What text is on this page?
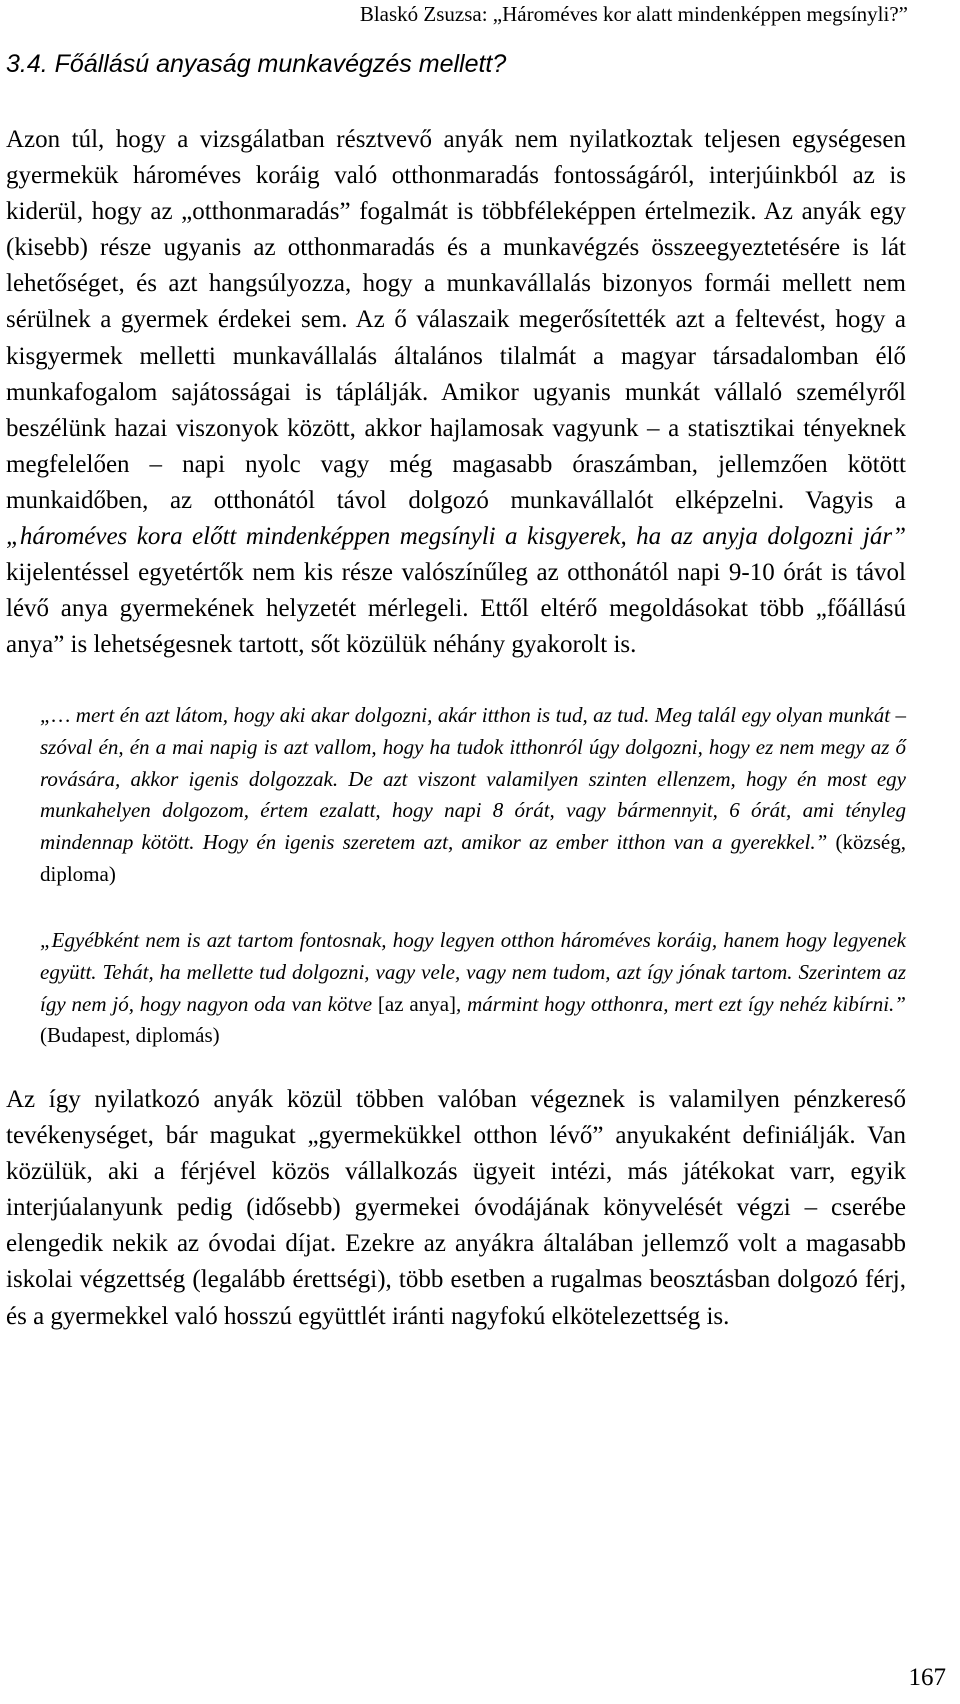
Blaskó Zsuzsa: „Hároméves kor alatt mindenképpen megsínyli?”
3.4. Főállású anyaság munkavégzés mellett?

Azon túl, hogy a vizsgálatban résztvevő anyák nem nyilatkoztak teljesen egységesen gyermekük hároméves koráig való otthonmaradás fontosságáról, interjúinkból az is kiderül, hogy az „otthonmaradás” fogalmát is többféleképpen értelmezik. Az anyák egy (kisebb) része ugyanis az otthonmaradás és a munkavégzés összeegyeztetésére is lát lehetőséget, és azt hangsúlyozza, hogy a munkavállalás bizonyos formái mellett nem sérülnek a gyermek érdekei sem. Az ő válaszaik megerősítették azt a feltevést, hogy a kisgyermek melletti munkavállalás általános tilalmát a magyar társadalomban élő munkafogalom sajátosságai is táplálják. Amikor ugyanis munkát vállaló személyről beszélünk hazai viszonyok között, akkor hajlamosak vagyunk – a statisztikai tényeknek megfelelően – napi nyolc vagy még magasabb óraszámban, jellemzően kötött munkaidőben, az otthonától távol dolgozó munkavállalót elképzelni. Vagyis a „hároméves kora előtt mindenképpen megsínyli a kisgyerek, ha az anyja dolgozni jár” kijelentéssel egyetértők nem kis része valószínűleg az otthonától napi 9-10 órát is távol lévő anya gyermekének helyzetét mérlegeli. Ettől eltérő megoldásokat több „főállású anya” is lehetségesnek tartott, sőt közülük néhány gyakorolt is.

„… mert én azt látom, hogy aki akar dolgozni, akár itthon is tud, az tud. Meg talál egy olyan munkát – szóval én, én a mai napig is azt vallom, hogy ha tudok itthonról úgy dolgozni, hogy ez nem megy az ő rovására, akkor igenis dolgozzak. De azt viszont valamilyen szinten ellenzem, hogy én most egy munkahelyen dolgozom, értem ezalatt, hogy napi 8 órát, vagy bármennyit, 6 órát, ami tényleg mindennap kötött. Hogy én igenis szeretem azt, amikor az ember itthon van a gyerekkel.” (község, diploma)

„Egyébként nem is azt tartom fontosnak, hogy legyen otthon hároméves koráig, hanem hogy legyenek együtt. Tehát, ha mellette tud dolgozni, vagy vele, vagy nem tudom, azt így jónak tartom. Szerintem az így nem jó, hogy nagyon oda van kötve [az anya], mármint hogy otthonra, mert ezt így nehéz kibírni.” (Budapest, diplomás)

Az így nyilatkozó anyák közül többen valóban végeznek is valamilyen pénzkereső tevékenységet, bár magukat „gyermekükkel otthon lévő” anyukaként definiálják. Van közülük, aki a férjével közös vállalkozás ügyeit intézi, más játékokat varr, egyik interjúalanyunk pedig (idősebb) gyermekei óvodájának könyvelését végzi – cserébe elengedik nekik az óvodai díjat. Ezekre az anyákra általában jellemző volt a magasabb iskolai végzettség (legalább érettségi), több esetben a rugalmas beosztásban dolgozó férj, és a gyermekkel való hosszú együttlét iránti nagyfokú elkötelezettség is.

167
